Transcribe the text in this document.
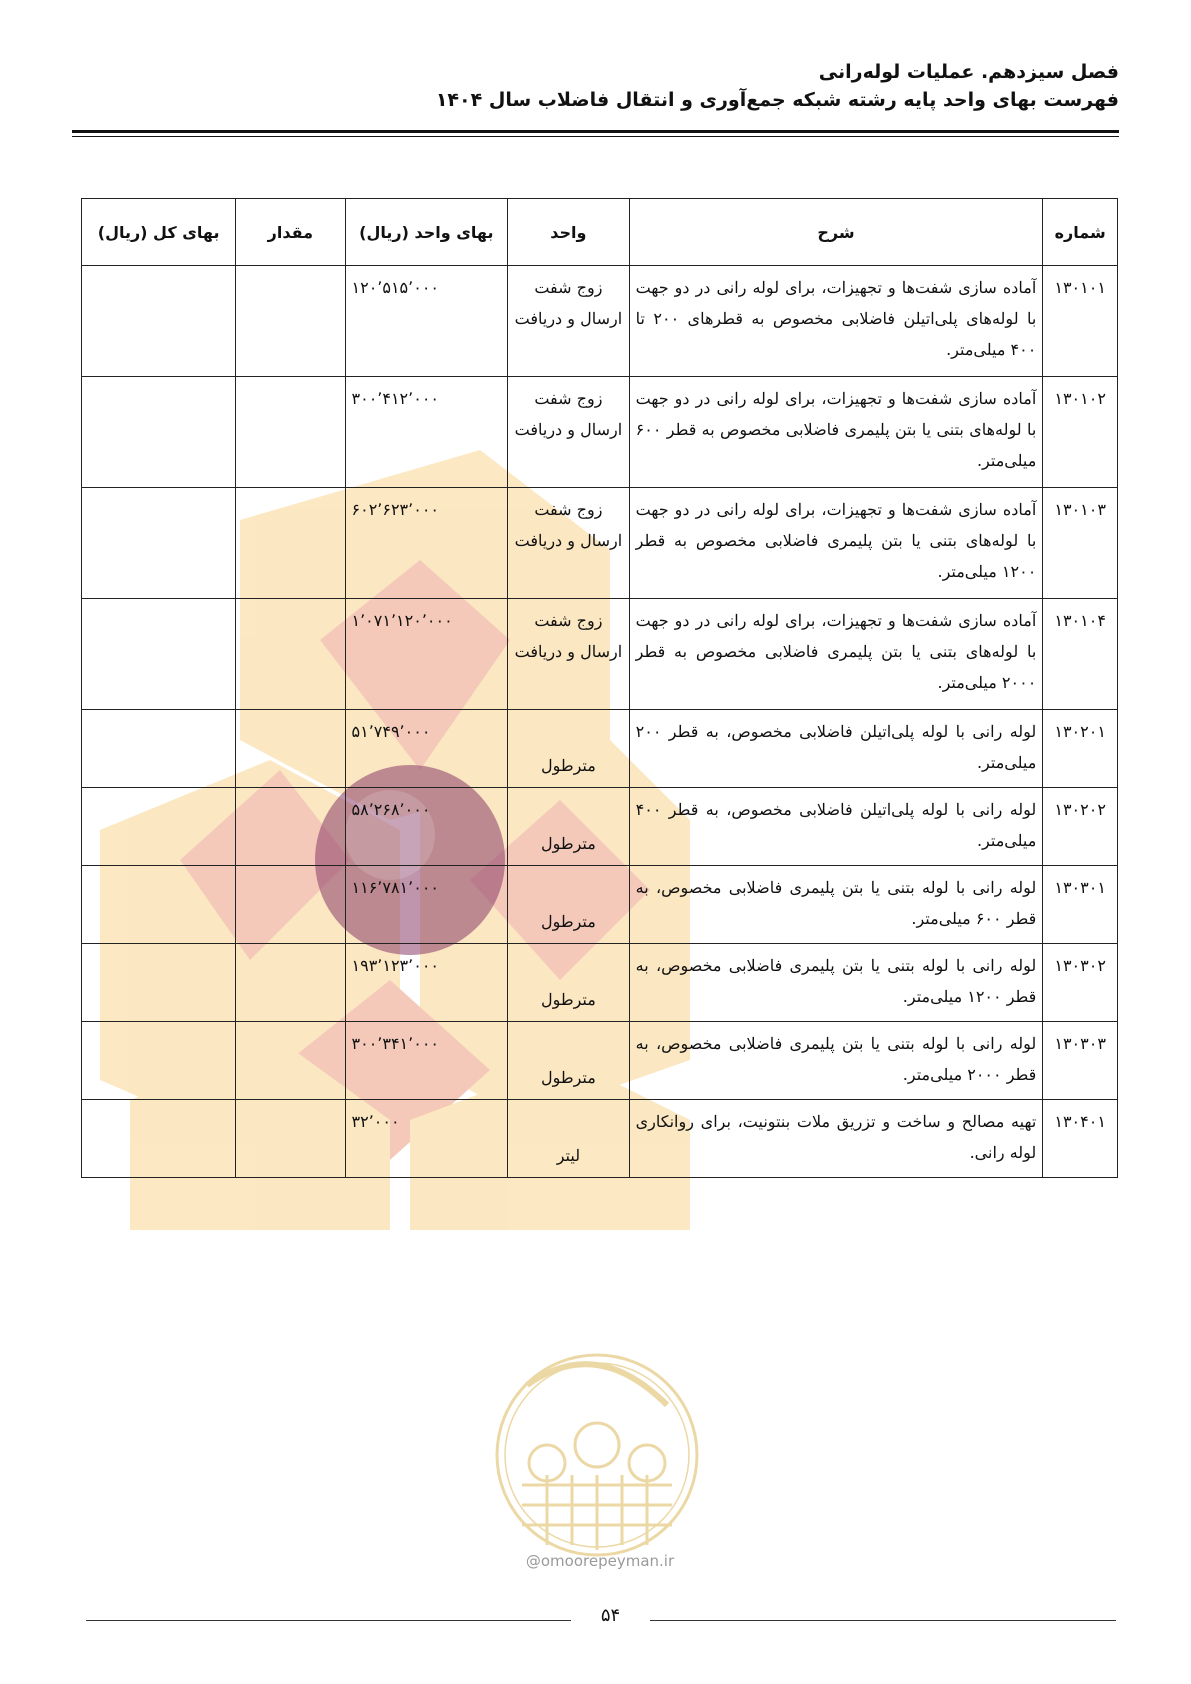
فصل سیزدهم. عملیات لوله‌رانی
فهرست بهای واحد پایه رشته شبکه جمع‌آوری و انتقال فاضلاب سال ۱۴۰۴
شماره	شرح	واحد	بهای واحد (ریال)	مقدار	بهای کل (ریال)
۱۳۰۱۰۱	آماده سازی شفت‌ها و تجهیزات، برای لوله رانی در دو جهت با لوله‌های پلی‌اتیلن فاضلابی مخصوص به قطرهای ۲۰۰ تا ۴۰۰ میلی‌متر.	زوج شفت ارسال و دریافت	۱۲۰٬۵۱۵٬۰۰۰		
۱۳۰۱۰۲	آماده سازی شفت‌ها و تجهیزات، برای لوله رانی در دو جهت با لوله‌های بتنی یا بتن پلیمری فاضلابی مخصوص به قطر ۶۰۰ میلی‌متر.	زوج شفت ارسال و دریافت	۳۰۰٬۴۱۲٬۰۰۰		
۱۳۰۱۰۳	آماده سازی شفت‌ها و تجهیزات، برای لوله رانی در دو جهت با لوله‌های بتنی یا بتن پلیمری فاضلابی مخصوص به قطر ۱۲۰۰ میلی‌متر.	زوج شفت ارسال و دریافت	۶۰۲٬۶۲۳٬۰۰۰		
۱۳۰۱۰۴	آماده سازی شفت‌ها و تجهیزات، برای لوله رانی در دو جهت با لوله‌های بتنی یا بتن پلیمری فاضلابی مخصوص به قطر ۲۰۰۰ میلی‌متر.	زوج شفت ارسال و دریافت	۱٬۰۷۱٬۱۲۰٬۰۰۰		
۱۳۰۲۰۱	لوله رانی با لوله پلی‌اتیلن فاضلابی مخصوص، به قطر ۲۰۰ میلی‌متر.	مترطول	۵۱٬۷۴۹٬۰۰۰		
۱۳۰۲۰۲	لوله رانی با لوله پلی‌اتیلن فاضلابی مخصوص، به قطر ۴۰۰ میلی‌متر.	مترطول	۵۸٬۲۶۸٬۰۰۰		
۱۳۰۳۰۱	لوله رانی با لوله بتنی یا بتن پلیمری فاضلابی مخصوص، به قطر ۶۰۰ میلی‌متر.	مترطول	۱۱۶٬۷۸۱٬۰۰۰		
۱۳۰۳۰۲	لوله رانی با لوله بتنی یا بتن پلیمری فاضلابی مخصوص، به قطر ۱۲۰۰ میلی‌متر.	مترطول	۱۹۳٬۱۲۳٬۰۰۰		
۱۳۰۳۰۳	لوله رانی با لوله بتنی یا بتن پلیمری فاضلابی مخصوص، به قطر ۲۰۰۰ میلی‌متر.	مترطول	۳۰۰٬۳۴۱٬۰۰۰		
۱۳۰۴۰۱	تهیه مصالح و ساخت و تزریق ملات بنتونیت، برای روانکاری لوله رانی.	لیتر	۳۲٬۰۰۰		
@omoorepeyman.ir
۵۴
